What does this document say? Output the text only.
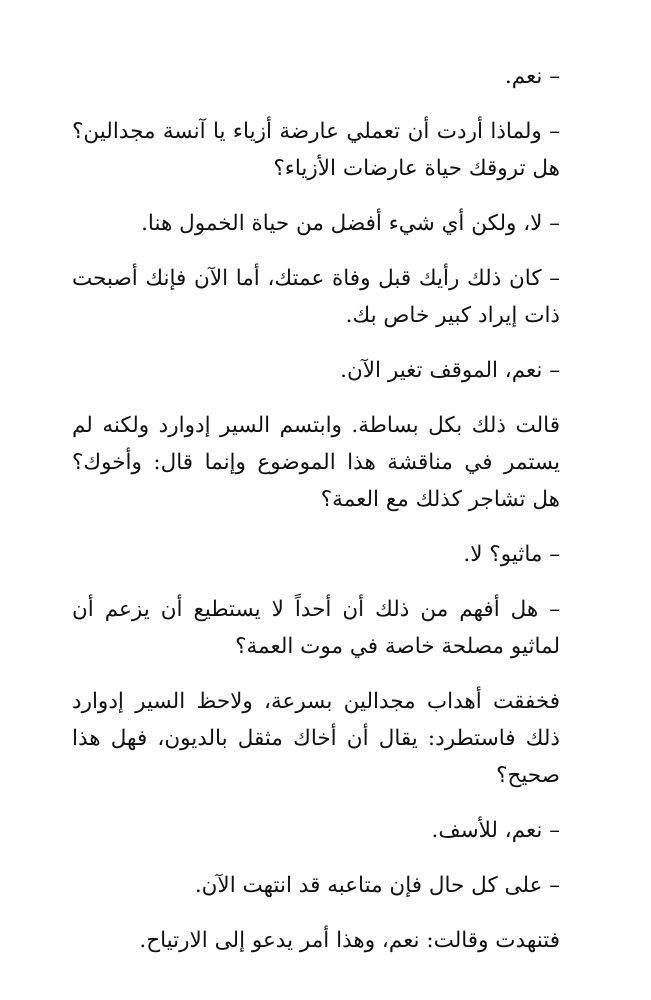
– نعم.

– ولماذا أردت أن تعملي عارضة أزياء يا آنسة مجدالين؟ هل تروقك حياة عارضات الأزياء؟

– لا، ولكن أي شيء أفضل من حياة الخمول هنا.

– كان ذلك رأيك قبل وفاة عمتك، أما الآن فإنك أصبحت ذات إيراد كبير خاص بك.

– نعم، الموقف تغير الآن.

قالت ذلك بكل بساطة. وابتسم السير إدوارد ولكنه لم يستمر في مناقشة هذا الموضوع وإنما قال: وأخوك؟ هل تشاجر كذلك مع العمة؟

– ماثيو؟ لا.

– هل أفهم من ذلك أن أحداً لا يستطيع أن يزعم أن لماثيو مصلحة خاصة في موت العمة؟

فخفقت أهداب مجدالين بسرعة، ولاحظ السير إدوارد ذلك فاستطرد: يقال أن أخاك مثقل بالديون، فهل هذا صحيح؟

– نعم، للأسف.

– على كل حال فإن متاعبه قد انتهت الآن.

فتنهدت وقالت: نعم، وهذا أمر يدعو إلى الارتياح.
